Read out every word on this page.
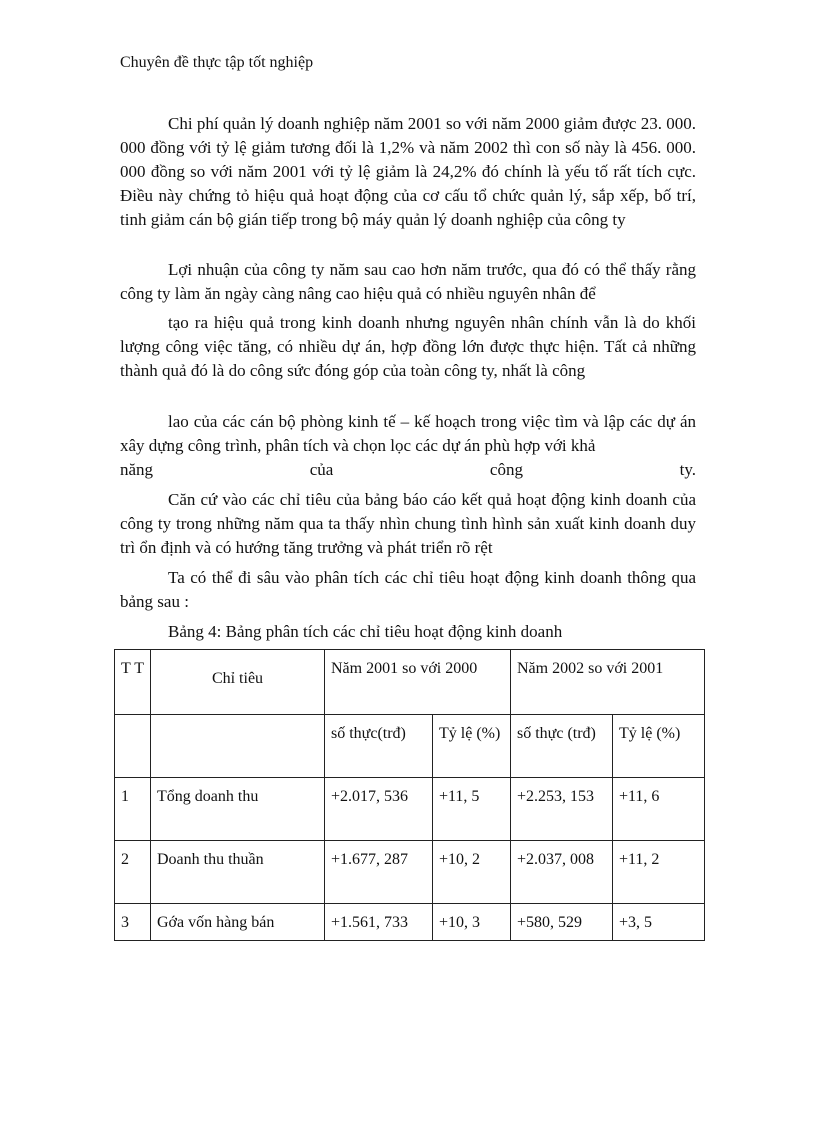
Chuyên đề thực tập tốt nghiệp

Chi phí quản lý doanh nghiệp năm 2001 so với năm 2000 giảm được 23. 000. 000 đồng với tỷ lệ giảm tương đối là 1,2% và năm 2002 thì con số này là 456. 000. 000 đồng so với năm 2001 với tỷ lệ giảm là 24,2% đó chính là yếu tố rất tích cực. Điều này chứng tỏ hiệu quả hoạt động của cơ cấu tổ chức quản lý, sắp xếp, bố trí, tinh giảm cán bộ gián tiếp trong bộ máy quản lý doanh nghiệp của công ty

Lợi nhuận của công ty năm sau cao hơn năm trước, qua đó có thể thấy rằng công ty làm ăn ngày càng nâng cao hiệu quả có nhiều nguyên nhân để

tạo ra hiệu quả trong kinh doanh nhưng nguyên nhân chính vẫn là do khối lượng công việc tăng, có nhiều dự án, hợp đồng lớn được thực hiện. Tất cả những thành quả đó là do công sức đóng góp của toàn công ty, nhất là công

lao của các cán bộ phòng kinh tế – kế hoạch trong việc tìm và lập các dự án xây dựng công trình, phân tích và chọn lọc các dự án phù hợp với khả

năng	của	công	ty.

Căn cứ vào các chỉ tiêu của bảng báo cáo kết quả hoạt động kinh doanh của công ty trong những năm qua ta thấy nhìn chung tình hình sản xuất kinh doanh duy trì ổn định và có hướng tăng trưởng và phát triển rõ rệt

Ta có thể đi sâu vào phân tích các chỉ tiêu hoạt động kinh doanh thông qua bảng sau :

Bảng 4: Bảng phân tích các chỉ tiêu hoạt động kinh doanh
T T	Chỉ tiêu	Năm 2001 so với 2000		Năm 2002 so với 2001	
		số thực(trđ)	Tỷ lệ (%)	số thực (trđ)	Tỷ lệ (%)
1	Tổng doanh thu	+2.017, 536	+11, 5	+2.253, 153	+11, 6
2	Doanh thu thuần	+1.677, 287	+10, 2	+2.037, 008	+11, 2
3	Gớa vốn hàng bán	+1.561, 733	+10, 3	+580, 529	+3, 5
